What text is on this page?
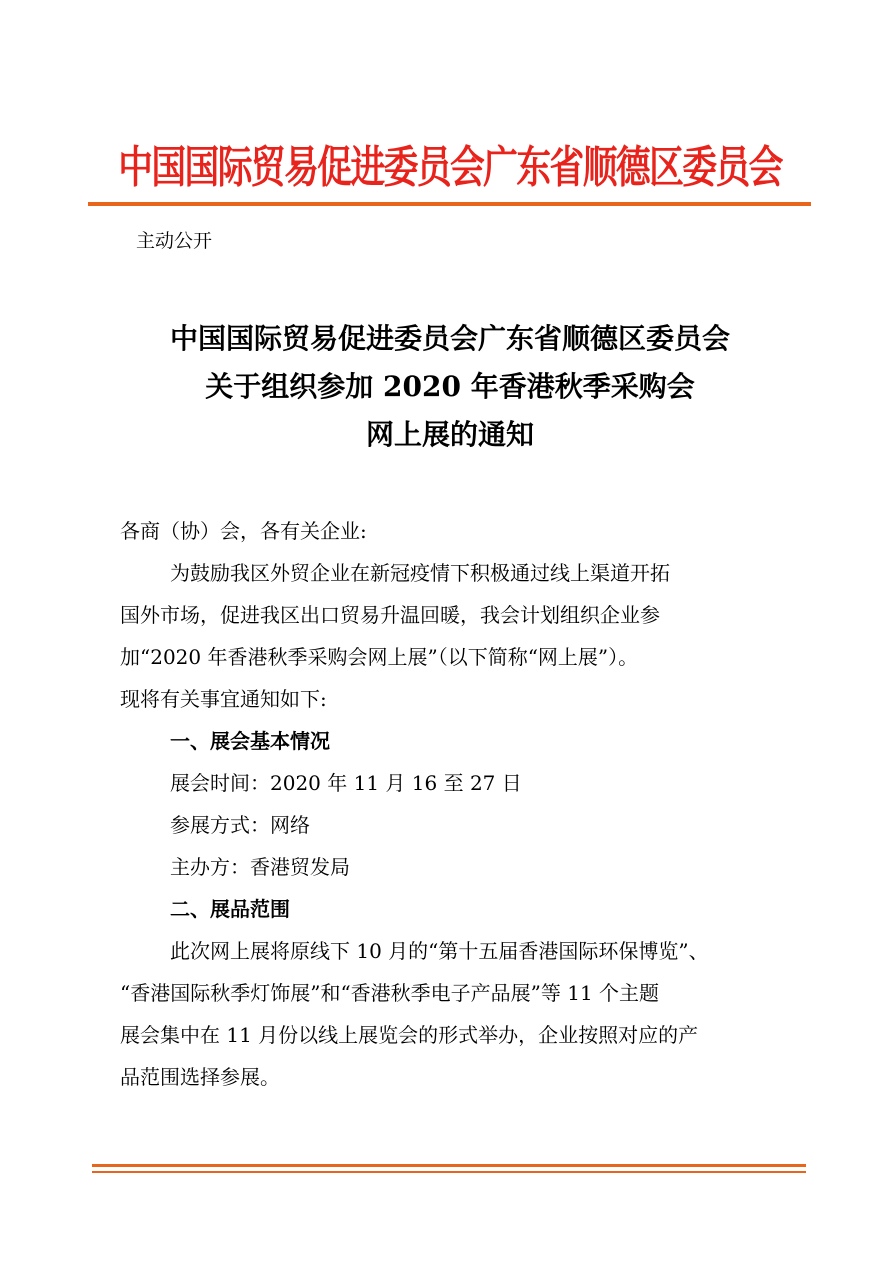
中国国际贸易促进委员会广东省顺德区委员会
主动公开
中国国际贸易促进委员会广东省顺德区委员会
关于组织参加 2020 年香港秋季采购会
网上展的通知

各商（协）会，各有关企业:

为鼓励我区外贸企业在新冠疫情下积极通过线上渠道开拓

国外市场，促进我区出口贸易升温回暖，我会计划组织企业参

加“2020 年香港秋季采购会网上展”（以下简称“网上展”）。

现将有关事宜通知如下:

一、展会基本情况

展会时间：2020 年 11 月 16 至 27 日

参展方式：网络

主办方：香港贸发局

二、展品范围

此次网上展将原线下 10 月的“第十五届香港国际环保博览”、

“香港国际秋季灯饰展”和“香港秋季电子产品展”等 11 个主题

展会集中在 11 月份以线上展览会的形式举办，企业按照对应的产

品范围选择参展。
